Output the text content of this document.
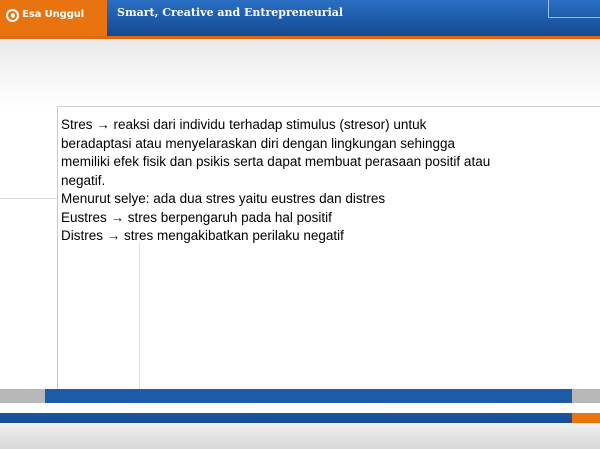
Esa Unggul	Smart, Creative and Entrepreneurial
Stres → reaksi dari individu terhadap stimulus (stresor) untuk
beradaptasi atau menyelaraskan diri dengan lingkungan sehingga
memiliki efek fisik dan psikis serta dapat membuat perasaan positif atau
negatif.
Menurut selye: ada dua stres yaitu eustres dan distres
Eustres → stres berpengaruh pada hal positif
Distres → stres mengakibatkan perilaku negatif
